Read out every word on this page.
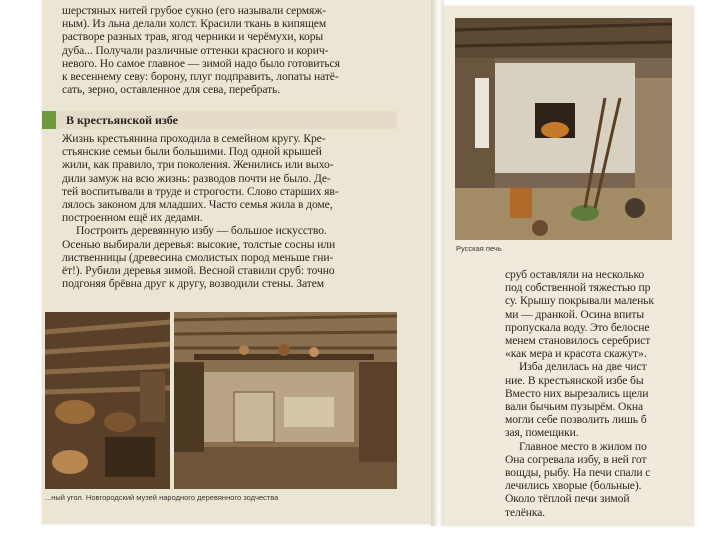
шерстяных нитей грубое сукно (его называли сермяж-
ным). Из льна делали холст. Красили ткань в кипящем
растворе разных трав, ягод черники и черёмухи, коры
дуба... Получали различные оттенки красного и корич-
невого. Но самое главное — зимой надо было готовиться
к весеннему севу: борону, плуг подправить, лопаты натё-
сать, зерно, оставленное для сева, перебрать.
В крестьянской избе
Жизнь крестьянина проходила в семейном кругу. Кре-
стьянские семьи были большими. Под одной крышей
жили, как правило, три поколения. Женились или выхо-
дили замуж на всю жизнь: разводов почти не было. Де-
тей воспитывали в труде и строгости. Слово старших яв-
лялось законом для младших. Часто семья жила в доме,
построенном ещё их дедами.
Построить деревянную избу — большое искусство.
Осенью выбирали деревья: высокие, толстые сосны или
лиственницы (древесина смолистых пород меньше гни-
ёт!). Рубили деревья зимой. Весной ставили сруб: точно
подгоняя брёвна друг к другу, возводили стены. Затем
...ный угол. Новгородский музей народного деревянного зодчества
Русская печь
сруб оставляли на несколько
под собственной тяжестью пр
су. Крышу покрывали маленьк
ми — дранкой. Осина впиты
пропускала воду. Это белосне
менем становилось серебрист
«как мера и красота скажут».
Изба делилась на две чист
ние. В крестьянской избе бы
Вместо них вырезались щели
вали бычьим пузырём. Окна
могли себе позволить лишь б
зая, помещики.
Главное место в жилом по
Она согревала избу, в ней гот
вощды, рыбу. На печи спали с
лечились хворые (больные).
Около тёплой печи зимой
телёнка.
